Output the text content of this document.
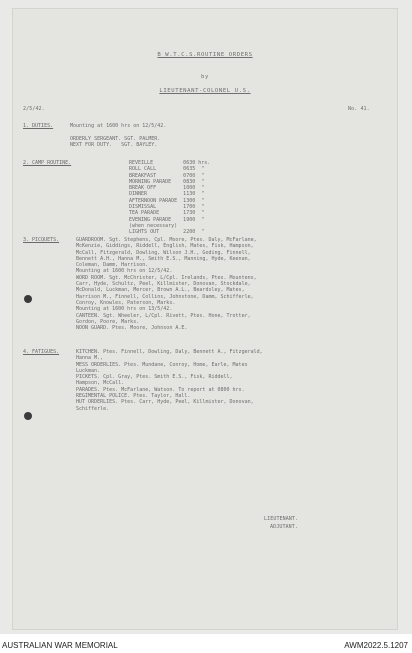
B W.T.C.S.ROUTINE ORDERS
by
LIEUTENANT-COLONEL U.S.
2/5/42.	No. 41.
1. DUTIES.	Mounting at 1600 hrs on 12/5/42.

ORDERLY SERGEANT. SGT. PALMER.
NEXT FOR DUTY.   SGT. BAYLEY.
2. CAMP ROUTINE.	REVEILLE          0630 hrs.
ROLL CALL         0635  "
BREAKFAST         0700  "
MORNING PARADE    0830  "
BREAK OFF         1000  "
DINNER            1130  "
AFTERNOON PARADE  1300  "
DISMISSAL         1700  "
TEA PARADE        1730  "
EVENING PARADE    1900  "
(when necessary)
LIGHTS OUT        2200  "
3. PICQUETS.	GUARDROOM. Sgt. Stephens, Cpl. Moore, Ptes. Daly, McFarlane,
McKenzie, Giddings, Riddell, English, Mates, Fisk, Hampson,
McCall, Fitzgerald, Dowling, Wilson J.H., Goding, Finnell,
Bennett A.H., Hanna M., Smith E.S., Manning, Hyde, Keenan,
Coleman, Damm, Harrison.
Mounting at 1600 hrs on 12/5/42.
WORD ROOM. Sgt. McChrister, L/Cpl. Irelands, Ptes. Mountens,
Carr, Hyde, Schultz, Peel, Killmister, Donovan, Stockdale,
McDonald, Luckman, Mercer, Brown A.L., Beardsley, Mates,
Harrison M., Finnell, Collins, Johnstone, Damm, Schifferle,
Conroy, Knowles, Paterson, Marks.
Mounting at 1600 hrs on 13/5/42.
CANTEEN. Sgt. Wheeler, L/Cpl. Rivett, Ptes. Hone, Trotter,
Gordon, Poore, Marks.
NOON GUARD. Ptes. Moore, Johnson A.E.
4. FATIGUES.	KITCHEN. Ptes. Finnell, Dowling, Daly, Bennett A., Fitzgerald,
Hanna M.,
MESS ORDERLIES. Ptes. Mundane, Conroy, Home, Earle, Mates
Luckman.
PICKETS. Cpl. Gray, Ptes. Smith E.S., Fisk, Riddell,
Hampson, McCall.
PARADES. Ptes. McFarlane, Watson. To report at 0800 hrs.
REGIMENTAL POLICE. Ptes. Taylor, Hall.
HUT ORDERLIES. Ptes. Carr, Hyde, Peel, Killmister, Donovan,
Schifferle.
LIEUTENANT.
ADJUTANT.
AUSTRALIAN WAR MEMORIAL	AWM2022.5.1207
